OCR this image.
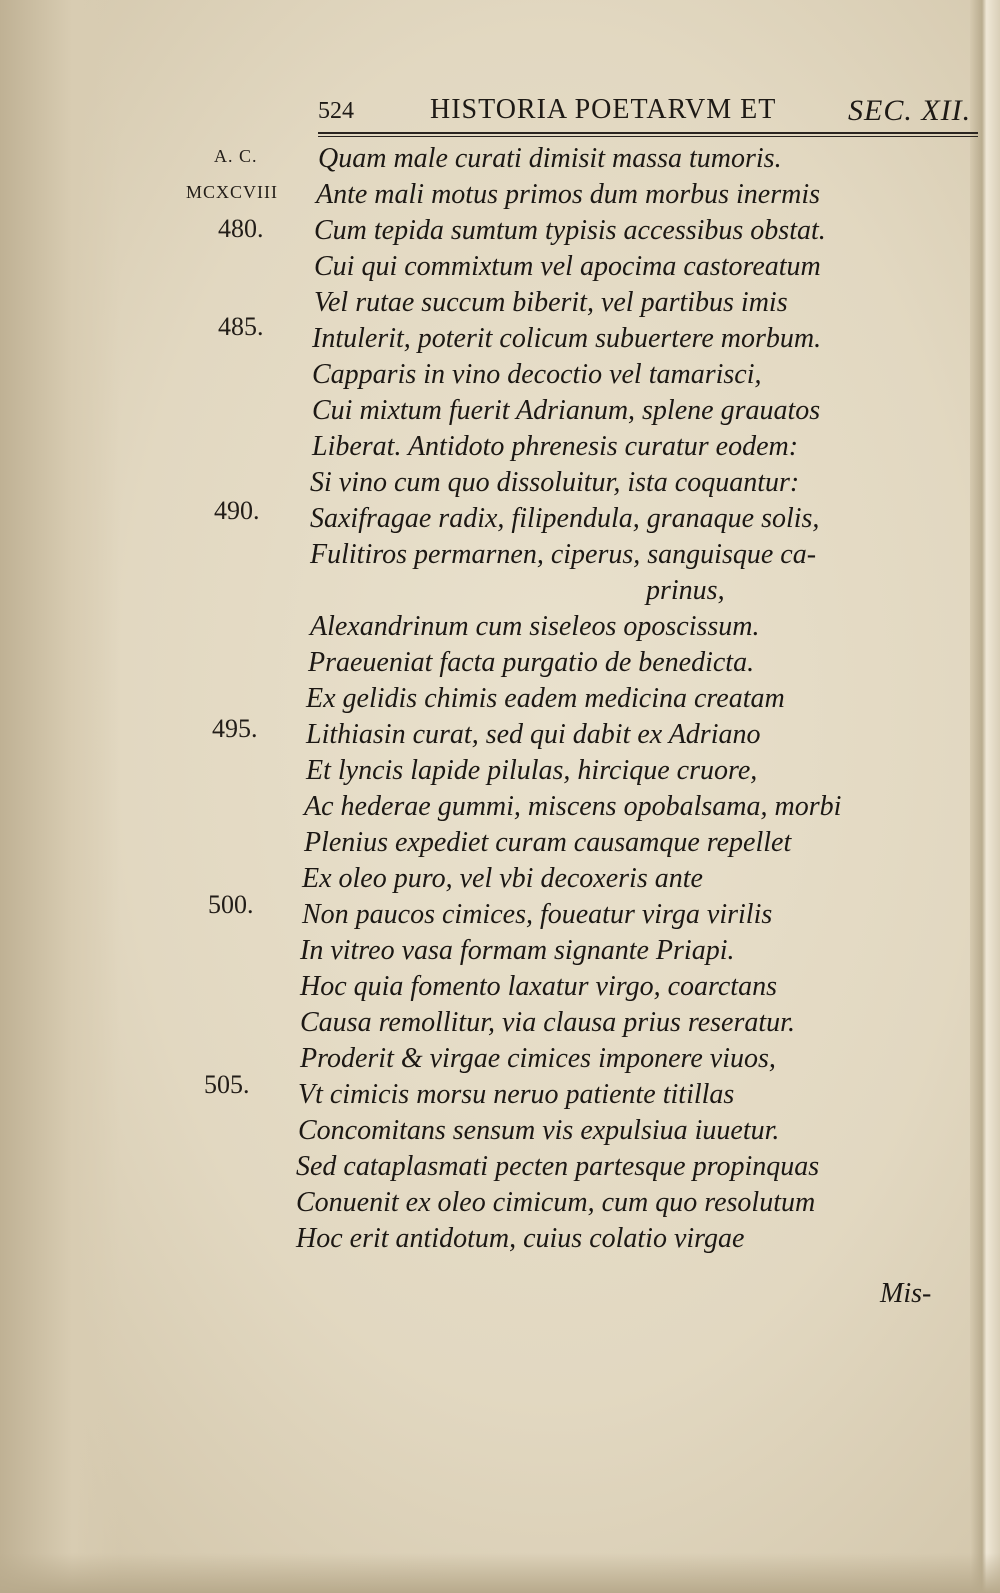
524	HISTORIA POETARVM ET SEC. XII.
A. C.
MCXCVIII
480.
485.
490.
495.
500.
505.
Quam male curati dimisit massa tumoris.
Ante mali motus primos dum morbus inermis
Cum tepida sumtum typisis accessibus obstat.
Cui qui commixtum vel apocima castoreatum
Vel rutae succum biberit, vel partibus imis
Intulerit, poterit colicum subuertere morbum.
Capparis in vino decoctio vel tamarisci,
Cui mixtum fuerit Adrianum, splene grauatos
Liberat. Antidoto phrenesis curatur eodem:
Si vino cum quo dissoluitur, ista coquantur:
Saxifragae radix, filipendula, granaque solis,
Fulitiros permarnen, ciperus, sanguisque ca-
prinus,
Alexandrinum cum siseleos oposcissum.
Praeueniat facta purgatio de benedicta.
Ex gelidis chimis eadem medicina creatam
Lithiasin curat, sed qui dabit ex Adriano
Et lyncis lapide pilulas, hircique cruore,
Ac hederae gummi, miscens opobalsama, morbi
Plenius expediet curam causamque repellet
Ex oleo puro, vel vbi decoxeris ante
Non paucos cimices, foueatur virga virilis
In vitreo vasa formam signante Priapi.
Hoc quia fomento laxatur virgo, coarctans
Causa remollitur, via clausa prius reseratur.
Proderit & virgae cimices imponere viuos,
Vt cimicis morsu neruo patiente titillas
Concomitans sensum vis expulsiua iuuetur.
Sed cataplasmati pecten partesque propinquas
Conuenit ex oleo cimicum, cum quo resolutum
Hoc erit antidotum, cuius colatio virgae
Mis-
